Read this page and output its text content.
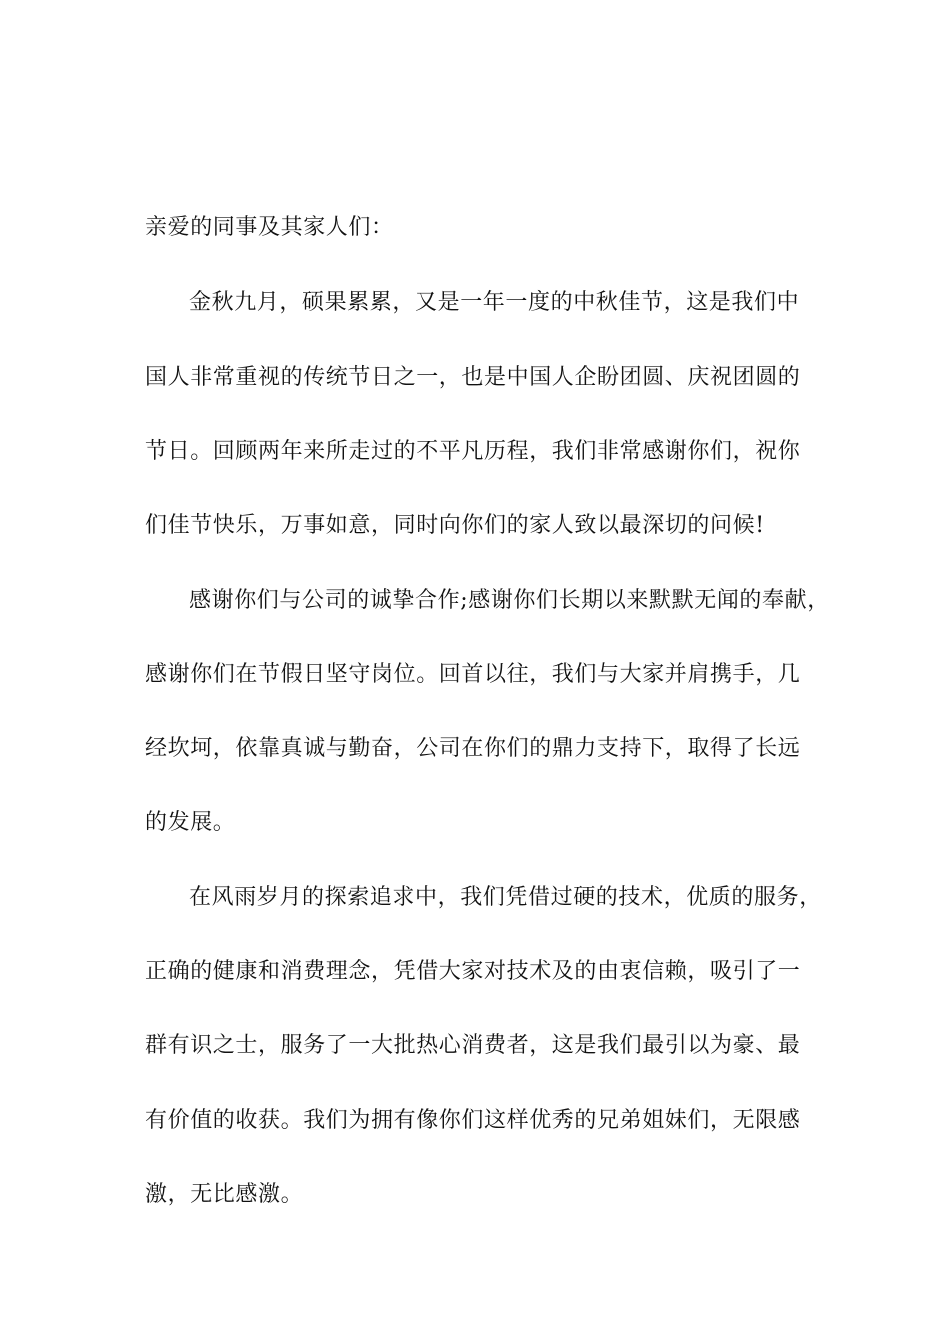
亲爱的同事及其家人们：
金秋九月，硕果累累，又是一年一度的中秋佳节，这是我们中
国人非常重视的传统节日之一，也是中国人企盼团圆、庆祝团圆的
节日。回顾两年来所走过的不平凡历程，我们非常感谢你们，祝你
们佳节快乐，万事如意，同时向你们的家人致以最深切的问候!
感谢你们与公司的诚挚合作;感谢你们长期以来默默无闻的奉献，
感谢你们在节假日坚守岗位。回首以往，我们与大家并肩携手，几
经坎坷，依靠真诚与勤奋，公司在你们的鼎力支持下，取得了长远
的发展。
在风雨岁月的探索追求中，我们凭借过硬的技术，优质的服务，
正确的健康和消费理念，凭借大家对技术及的由衷信赖，吸引了一
群有识之士，服务了一大批热心消费者，这是我们最引以为豪、最
有价值的收获。我们为拥有像你们这样优秀的兄弟姐妹们，无限感
激，无比感激。
